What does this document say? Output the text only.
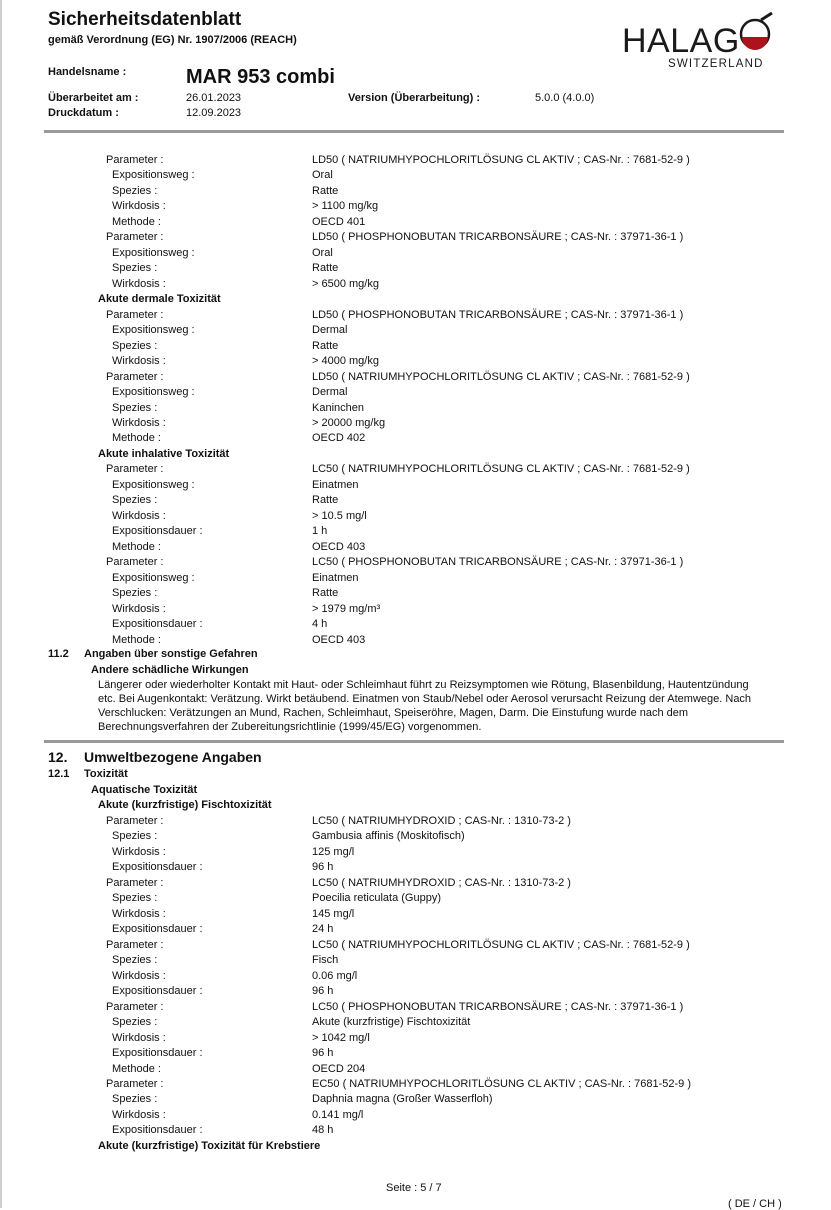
Sicherheitsdatenblatt
gemäß Verordnung (EG) Nr. 1907/2006 (REACH)	HALAG
SWITZERLAND
Handelsname :	MAR 953 combi
Überarbeitet am :	26.01.2023	Version (Überarbeitung) :	5.0.0 (4.0.0)
Druckdatum :	12.09.2023
Parameter :	LD50 ( NATRIUMHYPOCHLORITLÖSUNG CL AKTIV ; CAS-Nr. : 7681-52-9 )
Expositionsweg :	Oral
Spezies :	Ratte
Wirkdosis :	> 1100 mg/kg
Methode :	OECD 401
Parameter :	LD50 ( PHOSPHONOBUTAN TRICARBONSÄURE ; CAS-Nr. : 37971-36-1 )
Expositionsweg :	Oral
Spezies :	Ratte
Wirkdosis :	> 6500 mg/kg
Akute dermale Toxizität
Parameter :	LD50 ( PHOSPHONOBUTAN TRICARBONSÄURE ; CAS-Nr. : 37971-36-1 )
Expositionsweg :	Dermal
Spezies :	Ratte
Wirkdosis :	> 4000 mg/kg
Parameter :	LD50 ( NATRIUMHYPOCHLORITLÖSUNG CL AKTIV ; CAS-Nr. : 7681-52-9 )
Expositionsweg :	Dermal
Spezies :	Kaninchen
Wirkdosis :	> 20000 mg/kg
Methode :	OECD 402
Akute inhalative Toxizität
Parameter :	LC50 ( NATRIUMHYPOCHLORITLÖSUNG CL AKTIV ; CAS-Nr. : 7681-52-9 )
Expositionsweg :	Einatmen
Spezies :	Ratte
Wirkdosis :	> 10.5 mg/l
Expositionsdauer :	1 h
Methode :	OECD 403
Parameter :	LC50 ( PHOSPHONOBUTAN TRICARBONSÄURE ; CAS-Nr. : 37971-36-1 )
Expositionsweg :	Einatmen
Spezies :	Ratte
Wirkdosis :	> 1979 mg/m³
Expositionsdauer :	4 h
Methode :	OECD 403
11.2 Angaben über sonstige Gefahren
Andere schädliche Wirkungen
Längerer oder wiederholter Kontakt mit Haut- oder Schleimhaut führt zu Reizsymptomen wie Rötung, Blasenbildung, Hautentzündung
etc. Bei Augenkontakt: Verätzung. Wirkt betäubend. Einatmen von Staub/Nebel oder Aerosol verursacht Reizung der Atemwege. Nach
Verschlucken: Verätzungen an Mund, Rachen, Schleimhaut, Speiseröhre, Magen, Darm. Die Einstufung wurde nach dem
Berechnungsverfahren der Zubereitungsrichtlinie (1999/45/EG) vorgenommen.
12. Umweltbezogene Angaben
12.1 Toxizität
Aquatische Toxizität
Akute (kurzfristige) Fischtoxizität
Parameter :	LC50 ( NATRIUMHYDROXID ; CAS-Nr. : 1310-73-2 )
Spezies :	Gambusia affinis (Moskitofisch)
Wirkdosis :	125 mg/l
Expositionsdauer :	96 h
Parameter :	LC50 ( NATRIUMHYDROXID ; CAS-Nr. : 1310-73-2 )
Spezies :	Poecilia reticulata (Guppy)
Wirkdosis :	145 mg/l
Expositionsdauer :	24 h
Parameter :	LC50 ( NATRIUMHYPOCHLORITLÖSUNG CL AKTIV ; CAS-Nr. : 7681-52-9 )
Spezies :	Fisch
Wirkdosis :	0.06 mg/l
Expositionsdauer :	96 h
Parameter :	LC50 ( PHOSPHONOBUTAN TRICARBONSÄURE ; CAS-Nr. : 37971-36-1 )
Spezies :	Akute (kurzfristige) Fischtoxizität
Wirkdosis :	> 1042 mg/l
Expositionsdauer :	96 h
Methode :	OECD 204
Parameter :	EC50 ( NATRIUMHYPOCHLORITLÖSUNG CL AKTIV ; CAS-Nr. : 7681-52-9 )
Spezies :	Daphnia magna (Großer Wasserfloh)
Wirkdosis :	0.141 mg/l
Expositionsdauer :	48 h
Akute (kurzfristige) Toxizität für Krebstiere
Seite : 5 / 7
( DE / CH )
